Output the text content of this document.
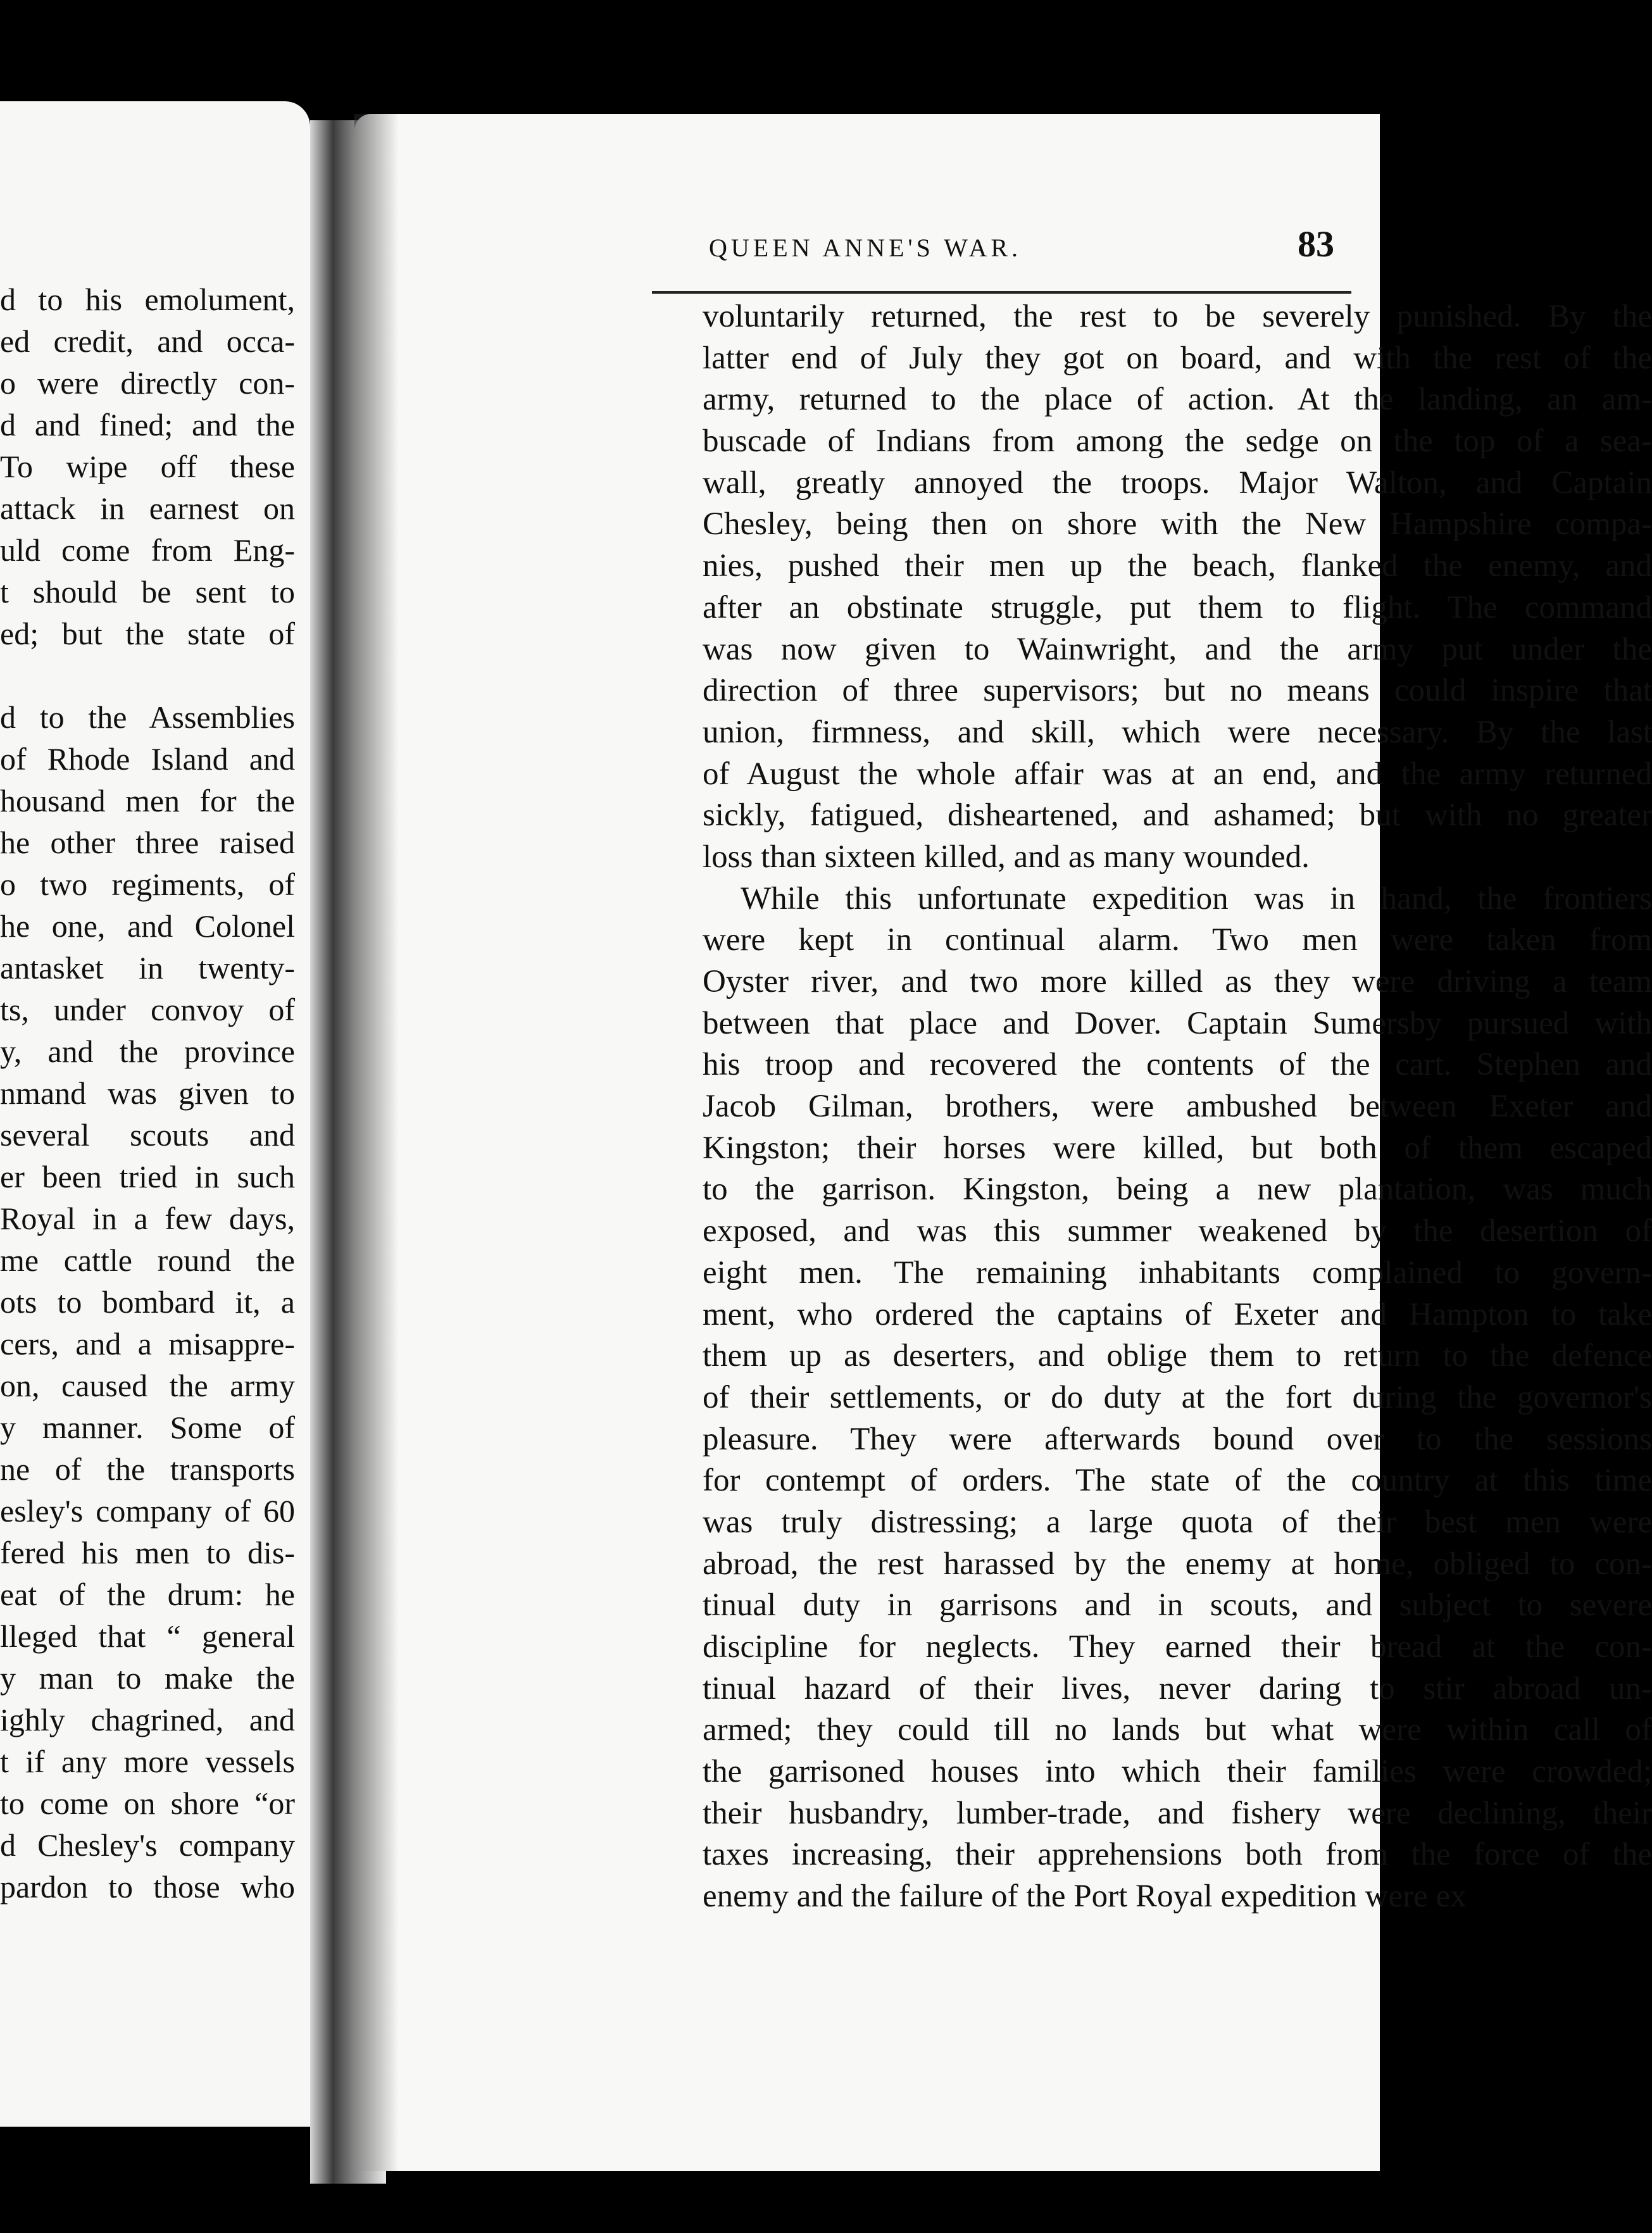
d to his emolument,
ed credit, and occa-
o were directly con-
d and fined; and the
To wipe off these
attack in earnest on
uld come from Eng-
t should be sent to
ed; but the state of
d to the Assemblies
of Rhode Island and
housand men for the
he other three raised
o two regiments, of
he one, and Colonel
antasket in twenty-
ts, under convoy of
y, and the province
nmand was given to
several scouts and
er been tried in such
Royal in a few days,
me cattle round the
ots to bombard it, a
cers, and a misappre-
on, caused the army
y manner. Some of
ne of the transports
esley's company of 60
fered his men to dis-
eat of the drum: he
lleged that “ general
y man to make the
ighly chagrined, and
t if any more vessels
to come on shore “or
d Chesley's company
pardon to those who
QUEEN ANNE'S WAR.	83
voluntarily returned, the rest to be severely punished. By the
latter end of July they got on board, and with the rest of the
army, returned to the place of action. At the landing, an am-
buscade of Indians from among the sedge on the top of a sea-
wall, greatly annoyed the troops. Major Walton, and Captain
Chesley, being then on shore with the New Hampshire compa-
nies, pushed their men up the beach, flanked the enemy, and
after an obstinate struggle, put them to flight. The command
was now given to Wainwright, and the army put under the
direction of three supervisors; but no means could inspire that
union, firmness, and skill, which were necessary. By the last
of August the whole affair was at an end, and the army returned
sickly, fatigued, disheartened, and ashamed; but with no greater
loss than sixteen killed, and as many wounded.
While this unfortunate expedition was in hand, the frontiers
were kept in continual alarm. Two men were taken from
Oyster river, and two more killed as they were driving a team
between that place and Dover. Captain Sumersby pursued with
his troop and recovered the contents of the cart. Stephen and
Jacob Gilman, brothers, were ambushed between Exeter and
Kingston; their horses were killed, but both of them escaped
to the garrison. Kingston, being a new plantation, was much
exposed, and was this summer weakened by the desertion of
eight men. The remaining inhabitants complained to govern-
ment, who ordered the captains of Exeter and Hampton to take
them up as deserters, and oblige them to return to the defence
of their settlements, or do duty at the fort during the governor's
pleasure. They were afterwards bound over to the sessions
for contempt of orders. The state of the country at this time
was truly distressing; a large quota of their best men were
abroad, the rest harassed by the enemy at home, obliged to con-
tinual duty in garrisons and in scouts, and subject to severe
discipline for neglects. They earned their bread at the con-
tinual hazard of their lives, never daring to stir abroad un-
armed; they could till no lands but what were within call of
the garrisoned houses into which their families were crowded;
their husbandry, lumber-trade, and fishery were declining, their
taxes increasing, their apprehensions both from the force of the
enemy and the failure of the Port Royal expedition were ex
